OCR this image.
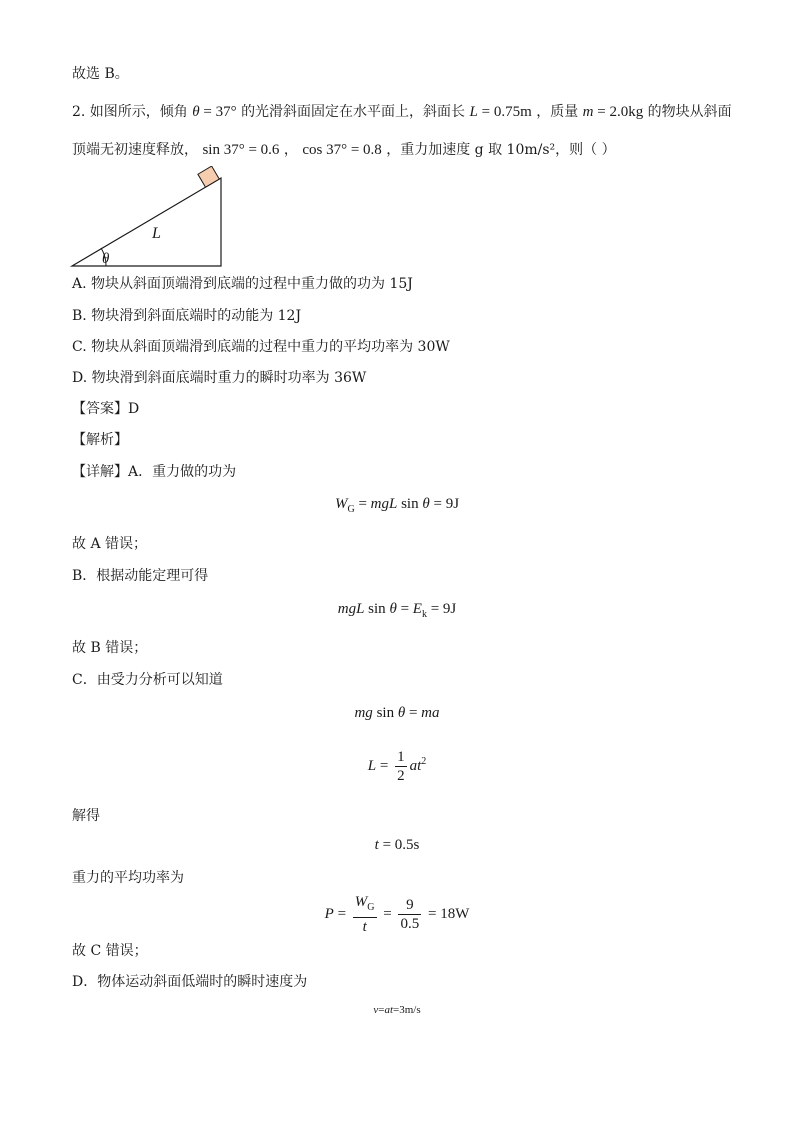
故选 B。
2. 如图所示，倾角 θ = 37° 的光滑斜面固定在水平面上，斜面长 L = 0.75m ，质量 m = 2.0kg 的物块从斜面
顶端无初速度释放， sin 37° = 0.6 ， cos 37° = 0.8 ，重力加速度 g 取 10m/s²，则（ ）
L
θ
A. 物块从斜面顶端滑到底端的过程中重力做的功为 15J
B. 物块滑到斜面底端时的动能为 12J
C. 物块从斜面顶端滑到底端的过程中重力的平均功率为 30W
D. 物块滑到斜面底端时重力的瞬时功率为 36W
【答案】D
【解析】
【详解】A．重力做的功为
$W_G$ = mgL sin θ = 9J
故 A 错误；
B．根据动能定理可得
mgL $\sin \theta = E_k = 9J$
故 B 错误；
C．由受力分析可以知道
mg sin θ = ma
$L = \frac{1}{2} at^2$
解得
t = 0.5s
重力的平均功率为
$P = \frac{W_G}{t} = \frac{9}{0.5} = 18W$
故 C 错误；
D．物体运动斜面低端时的瞬时速度为
v=at=3m/s
